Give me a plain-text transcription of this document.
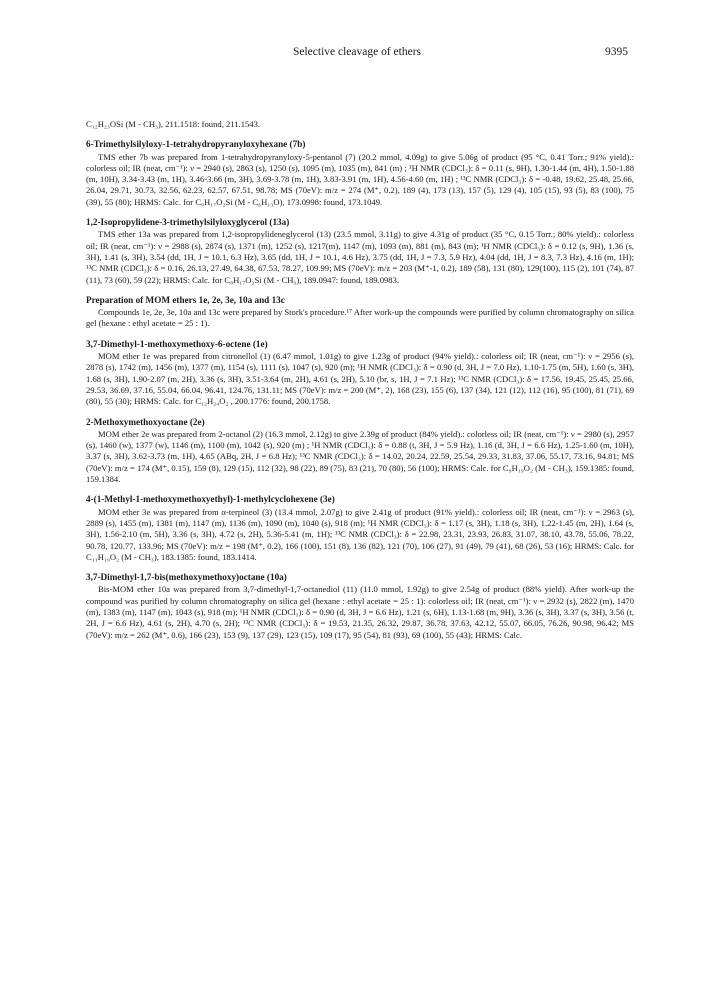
Selective cleavage of ethers	9395

C₁₂H₂₃OSi (M - CH₃), 211.1518: found, 211.1543.

6-Trimethylsilyloxy-1-tetrahydropyranyloxyhexane (7b)

TMS ether 7b was prepared from 1-tetrahydropyranyloxy-5-pentanol (7) (20.2 mmol, 4.09g) to give 5.06g of product (95 °C, 0.41 Torr.; 91% yield).: colorless oil; IR (neat, cm⁻¹): ν = 2940 (s), 2863 (s), 1250 (s), 1095 (m), 1035 (m), 841 (m) ; ¹H NMR (CDCl₃): δ = 0.11 (s, 9H), 1.30-1.44 (m, 4H), 1.50-1.88 (m, 10H), 3.34-3.43 (m, 1H), 3.46-3.66 (m, 3H), 3.69-3.78 (m, 1H), 3.83-3.91 (m, 1H), 4.56-4.60 (m, 1H) ; ¹³C NMR (CDCl₃): δ = -0.48, 19.62, 25.48, 25.66, 26.04, 29.71, 30.73, 32.56, 62.23, 62.57, 67.51, 98.78; MS (70eV): m/z = 274 (M⁺, 0.2), 189 (4), 173 (13), 157 (5), 129 (4), 105 (15), 93 (5), 83 (100), 75 (39), 55 (80); HRMS: Calc. for C₉H₁₇O₂Si (M - C₆H₁₃O), 173.0998: found, 173.1049.

1,2-Isopropylidene-3-trimethylsilyloxyglycerol (13a)

TMS ether 13a was prepared from 1,2-isopropylideneglycerol (13) (23.5 mmol, 3.11g) to give 4.31g of product (35 °C, 0.15 Torr.; 80% yield).: colorless oil; IR (neat, cm⁻¹): ν = 2988 (s), 2874 (s), 1371 (m), 1252 (s), 1217(m), 1147 (m), 1093 (m), 881 (m), 843 (m); ¹H NMR (CDCl₃): δ = 0.12 (s, 9H), 1.36 (s, 3H), 1.41 (s, 3H), 3.54 (dd, 1H, J = 10.1, 6.3 Hz), 3.65 (dd, 1H, J = 10.1, 4.6 Hz), 3.75 (dd, 1H, J = 7.3, 5.9 Hz), 4.04 (dd, 1H, J = 8.3, 7.3 Hz), 4.16 (m, 1H); ¹³C NMR (CDCl₃): δ = 0.16, 26.13, 27.49, 64.38, 67.53, 78.27, 109.99; MS (70eV): m/z = 203 (M⁺-1, 0.2), 189 (58), 131 (80), 129(100), 115 (2), 101 (74), 87 (11), 73 (60), 59 (22); HRMS: Calc. for C₈H₁₇O₃Si (M - CH₃), 189.0947: found, 189.0983.

Preparation of MOM ethers 1e, 2e, 3e, 10a and 13c

Compounds 1e, 2e, 3e, 10a and 13c were prepared by Stork's procedure.¹⁷ After work-up the compounds were purified by column chromatography on silica gel (hexane : ethyl acetate = 25 : 1).

3,7-Dimethyl-1-methoxymethoxy-6-octene (1e)

MOM ether 1e was prepared from citronellol (1) (6.47 mmol, 1.01g) to give 1.23g of product (94% yield).: colorless oil; IR (neat, cm⁻¹): ν = 2956 (s), 2878 (s), 1742 (m), 1456 (m), 1377 (m), 1154 (s), 1111 (s), 1047 (s), 920 (m); ¹H NMR (CDCl₃): δ = 0.90 (d, 3H, J = 7.0 Hz), 1.10-1.75 (m, 5H), 1.60 (s, 3H), 1.68 (s, 3H), 1.90-2.07 (m, 2H), 3.36 (s, 3H), 3.51-3.64 (m, 2H), 4.61 (s, 2H), 5.10 (br, s, 1H, J = 7.1 Hz); ¹³C NMR (CDCl₃): δ = 17.56, 19.45, 25.45, 25.66, 29.53, 36.69, 37.16, 55.04, 66.04, 96.41, 124.76, 131.11; MS (70eV): m/z = 200 (M⁺, 2), 168 (23), 155 (6), 137 (34), 121 (12), 112 (16), 95 (100), 81 (71), 69 (80), 55 (30); HRMS: Calc. for C₁₂H₂₄O₂ , 200.1776: found, 200.1758.

2-Methoxymethoxyoctane (2e)

MOM ether 2e was prepared from 2-octanol (2) (16.3 mmol, 2.12g) to give 2.39g of product (84% yield).: colorless oil; IR (neat, cm⁻¹): ν = 2980 (s), 2957 (s), 1460 (w), 1377 (w), 1146 (m), 1100 (m), 1042 (s), 920 (m) ; ¹H NMR (CDCl₃): δ = 0.88 (t, 3H, J = 5.9 Hz), 1.16 (d, 3H, J = 6.6 Hz), 1.25-1.60 (m, 10H), 3.37 (s, 3H), 3.62-3.73 (m, 1H), 4.65 (ABq, 2H, J = 6.8 Hz); ¹³C NMR (CDCl₃): δ = 14.02, 20.24, 22.59, 25.54, 29.33, 31.83, 37.06, 55.17, 73.16, 94.81; MS (70eV): m/z = 174 (M⁺, 0.15), 159 (8), 129 (15), 112 (32), 98 (22), 89 (75), 83 (21), 70 (80), 56 (100); HRMS: Calc. for C₉H₁₉O₂ (M - CH₃), 159.1385: found, 159.1384.

4-(1-Methyl-1-methoxymethoxyethyl)-1-methylcyclohexene (3e)

MOM ether 3e was prepared from α-terpineol (3) (13.4 mmol, 2.07g) to give 2.41g of product (91% yield).: colorless oil; IR (neat, cm⁻¹): ν = 2963 (s), 2889 (s), 1455 (m), 1381 (m), 1147 (m), 1136 (m), 1090 (m), 1040 (s), 918 (m); ¹H NMR (CDCl₃): δ = 1.17 (s, 3H), 1.18 (s, 3H), 1.22-1.45 (m, 2H), 1.64 (s, 3H), 1.56-2.10 (m, 5H), 3.36 (s, 3H), 4.72 (s, 2H), 5.36-5.41 (m, 1H); ¹³C NMR (CDCl₃): δ = 22.98, 23.31, 23.93, 26.83, 31.07, 38.10, 43.78, 55.06, 78.22, 90.78, 120.77, 133.96; MS (70eV): m/z = 198 (M⁺, 0.2), 166 (100), 151 (8), 136 (82), 121 (70), 106 (27), 91 (49), 79 (41), 68 (26), 53 (16); HRMS: Calc. for C₁₁H₁₉O₂ (M - CH₃), 183.1385: found, 183.1414.

3,7-Dimethyl-1,7-bis(methoxymethoxy)octane (10a)

Bis-MOM ether 10a was prepared from 3,7-dimethyl-1,7-octanediol (11) (11.0 mmol, 1.92g) to give 2.54g of product (88% yield). After work-up the compound was purified by column chromatography on silica gel (hexane : ethyl acetate = 25 : 1): colorless oil; IR (neat, cm⁻¹): ν = 2932 (s), 2822 (m), 1470 (m), 1383 (m), 1147 (m), 1043 (s), 918 (m); ¹H NMR (CDCl₃): δ = 0.90 (d, 3H, J = 6.6 Hz), 1.21 (s, 6H), 1.13-1.68 (m, 9H), 3.36 (s, 3H), 3.37 (s, 3H), 3.56 (t, 2H, J = 6.6 Hz), 4.61 (s, 2H), 4.70 (s, 2H); ¹³C NMR (CDCl₃): δ = 19.53, 21.35, 26.32, 29.87, 36.78, 37.63, 42.12, 55.07, 66.05, 76.26, 90.98, 96.42; MS (70eV): m/z = 262 (M⁺, 0.6), 166 (23), 153 (9), 137 (29), 123 (15), 109 (17), 95 (54), 81 (93), 69 (100), 55 (43); HRMS: Calc.
